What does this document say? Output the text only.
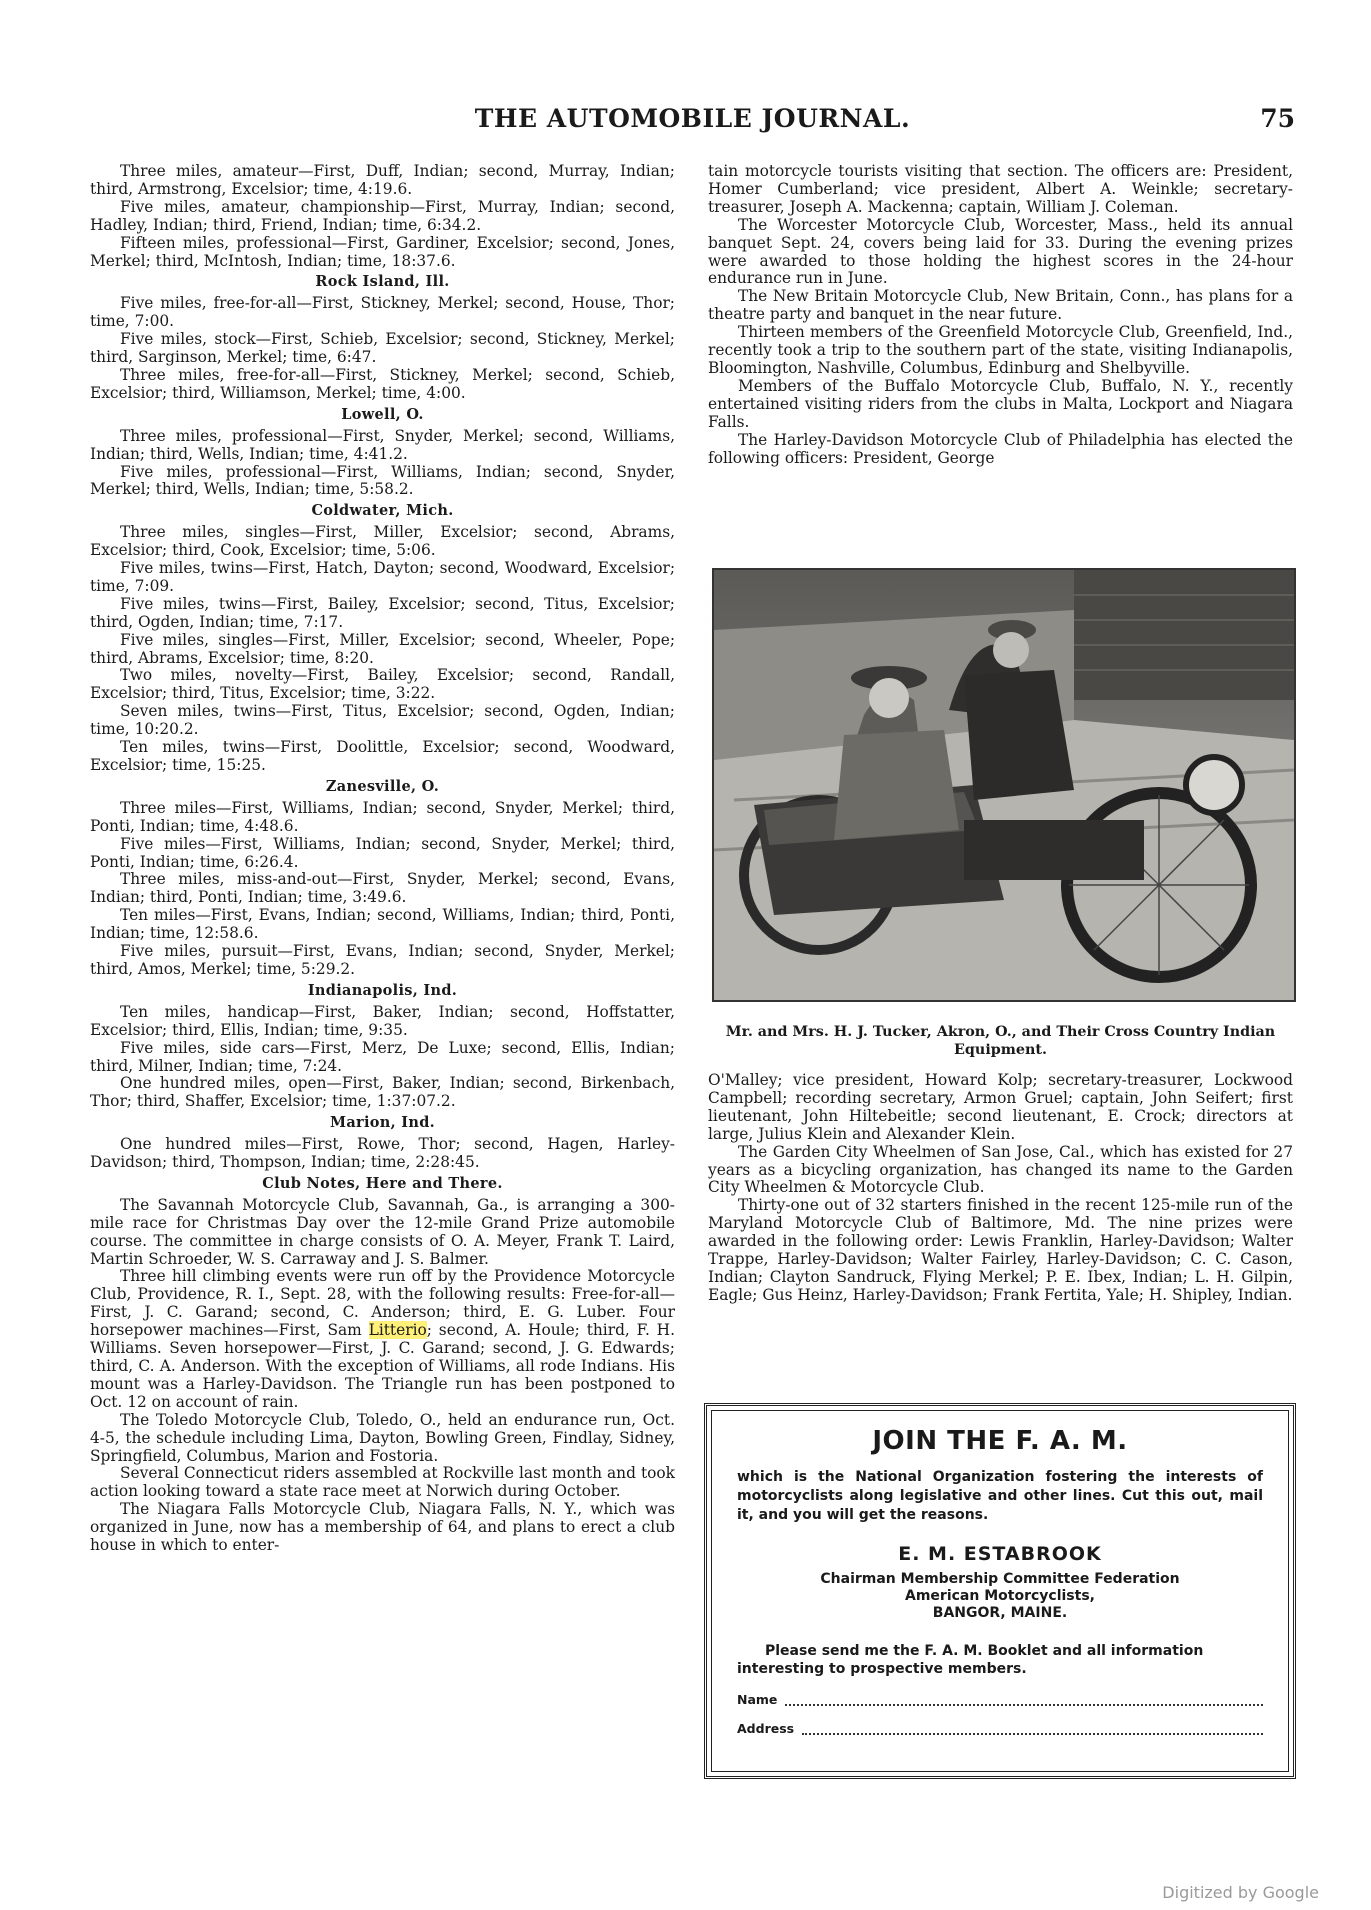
THE AUTOMOBILE JOURNAL.	75

Three miles, amateur—First, Duff, Indian; second, Murray, Indian; third, Armstrong, Excelsior; time, 4:19.6.

Five miles, amateur, championship—First, Murray, Indian; second, Hadley, Indian; third, Friend, Indian; time, 6:34.2.

Fifteen miles, professional—First, Gardiner, Excelsior; second, Jones, Merkel; third, McIntosh, Indian; time, 18:37.6.

Rock Island, Ill.

Five miles, free-for-all—First, Stickney, Merkel; second, House, Thor; time, 7:00.

Five miles, stock—First, Schieb, Excelsior; second, Stickney, Merkel; third, Sarginson, Merkel; time, 6:47.

Three miles, free-for-all—First, Stickney, Merkel; second, Schieb, Excelsior; third, Williamson, Merkel; time, 4:00.

Lowell, O.

Three miles, professional—First, Snyder, Merkel; second, Williams, Indian; third, Wells, Indian; time, 4:41.2.

Five miles, professional—First, Williams, Indian; second, Snyder, Merkel; third, Wells, Indian; time, 5:58.2.

Coldwater, Mich.

Three miles, singles—First, Miller, Excelsior; second, Abrams, Excelsior; third, Cook, Excelsior; time, 5:06.

Five miles, twins—First, Hatch, Dayton; second, Woodward, Excelsior; time, 7:09.

Five miles, twins—First, Bailey, Excelsior; second, Titus, Excelsior; third, Ogden, Indian; time, 7:17.

Five miles, singles—First, Miller, Excelsior; second, Wheeler, Pope; third, Abrams, Excelsior; time, 8:20.

Two miles, novelty—First, Bailey, Excelsior; second, Randall, Excelsior; third, Titus, Excelsior; time, 3:22.

Seven miles, twins—First, Titus, Excelsior; second, Ogden, Indian; time, 10:20.2.

Ten miles, twins—First, Doolittle, Excelsior; second, Woodward, Excelsior; time, 15:25.

Zanesville, O.

Three miles—First, Williams, Indian; second, Snyder, Merkel; third, Ponti, Indian; time, 4:48.6.

Five miles—First, Williams, Indian; second, Snyder, Merkel; third, Ponti, Indian; time, 6:26.4.

Three miles, miss-and-out—First, Snyder, Merkel; second, Evans, Indian; third, Ponti, Indian; time, 3:49.6.

Ten miles—First, Evans, Indian; second, Williams, Indian; third, Ponti, Indian; time, 12:58.6.

Five miles, pursuit—First, Evans, Indian; second, Snyder, Merkel; third, Amos, Merkel; time, 5:29.2.

Indianapolis, Ind.

Ten miles, handicap—First, Baker, Indian; second, Hoffstatter, Excelsior; third, Ellis, Indian; time, 9:35.

Five miles, side cars—First, Merz, De Luxe; second, Ellis, Indian; third, Milner, Indian; time, 7:24.

One hundred miles, open—First, Baker, Indian; second, Birkenbach, Thor; third, Shaffer, Excelsior; time, 1:37:07.2.

Marion, Ind.

One hundred miles—First, Rowe, Thor; second, Hagen, Harley-Davidson; third, Thompson, Indian; time, 2:28:45.

Club Notes, Here and There.

The Savannah Motorcycle Club, Savannah, Ga., is arranging a 300-mile race for Christmas Day over the 12-mile Grand Prize automobile course. The committee in charge consists of O. A. Meyer, Frank T. Laird, Martin Schroeder, W. S. Carraway and J. S. Balmer.

Three hill climbing events were run off by the Providence Motorcycle Club, Providence, R. I., Sept. 28, with the following results: Free-for-all—First, J. C. Garand; second, C. Anderson; third, E. G. Luber. Four horsepower machines—First, Sam Litterio; second, A. Houle; third, F. H. Williams. Seven horsepower—First, J. C. Garand; second, J. G. Edwards; third, C. A. Anderson. With the exception of Williams, all rode Indians. His mount was a Harley-Davidson. The Triangle run has been postponed to Oct. 12 on account of rain.

The Toledo Motorcycle Club, Toledo, O., held an endurance run, Oct. 4-5, the schedule including Lima, Dayton, Bowling Green, Findlay, Sidney, Springfield, Columbus, Marion and Fostoria.

Several Connecticut riders assembled at Rockville last month and took action looking toward a state race meet at Norwich during October.

The Niagara Falls Motorcycle Club, Niagara Falls, N. Y., which was organized in June, now has a membership of 64, and plans to erect a club house in which to enter-

tain motorcycle tourists visiting that section. The officers are: President, Homer Cumberland; vice president, Albert A. Weinkle; secretary-treasurer, Joseph A. Mackenna; captain, William J. Coleman.

The Worcester Motorcycle Club, Worcester, Mass., held its annual banquet Sept. 24, covers being laid for 33. During the evening prizes were awarded to those holding the highest scores in the 24-hour endurance run in June.

The New Britain Motorcycle Club, New Britain, Conn., has plans for a theatre party and banquet in the near future.

Thirteen members of the Greenfield Motorcycle Club, Greenfield, Ind., recently took a trip to the southern part of the state, visiting Indianapolis, Bloomington, Nashville, Columbus, Edinburg and Shelbyville.

Members of the Buffalo Motorcycle Club, Buffalo, N. Y., recently entertained visiting riders from the clubs in Malta, Lockport and Niagara Falls.

The Harley-Davidson Motorcycle Club of Philadelphia has elected the following officers: President, George

Mr. and Mrs. H. J. Tucker, Akron, O., and Their Cross Country Indian Equipment.

O'Malley; vice president, Howard Kolp; secretary-treasurer, Lockwood Campbell; recording secretary, Armon Gruel; captain, John Seifert; first lieutenant, John Hiltebeitle; second lieutenant, E. Crock; directors at large, Julius Klein and Alexander Klein.

The Garden City Wheelmen of San Jose, Cal., which has existed for 27 years as a bicycling organization, has changed its name to the Garden City Wheelmen & Motorcycle Club.

Thirty-one out of 32 starters finished in the recent 125-mile run of the Maryland Motorcycle Club of Baltimore, Md. The nine prizes were awarded in the following order: Lewis Franklin, Harley-Davidson; Walter Trappe, Harley-Davidson; Walter Fairley, Harley-Davidson; C. C. Cason, Indian; Clayton Sandruck, Flying Merkel; P. E. Ibex, Indian; L. H. Gilpin, Eagle; Gus Heinz, Harley-Davidson; Frank Fertita, Yale; H. Shipley, Indian.

JOIN THE F. A. M.
which is the National Organization fostering the interests of motorcyclists along legislative and other lines. Cut this out, mail it, and you will get the reasons.
E. M. ESTABROOK
Chairman Membership Committee Federation
American Motorcyclists,
BANGOR, MAINE.
Please send me the F. A. M. Booklet and all information interesting to prospective members.
Name
Address
Digitized by Google
